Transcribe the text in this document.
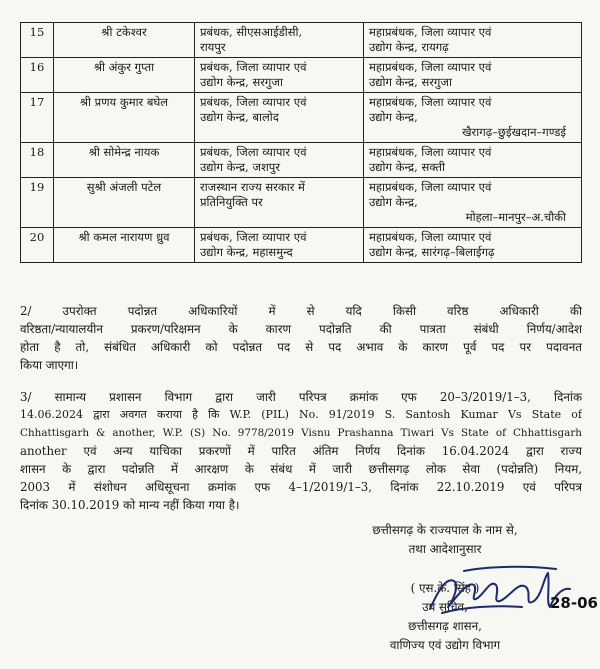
15	श्री टकेश्वर	प्रबंधक, सीएसआईडीसी,
रायपुर	महाप्रबंधक, जिला व्यापार एवं
उद्योग केन्द्र, रायगढ़

16	श्री अंकुर गुप्ता	प्रबंधक, जिला व्यापार एवं
उद्योग केन्द्र, सरगुजा	महाप्रबंधक, जिला व्यापार एवं
उद्योग केन्द्र, सरगुजा

17	श्री प्रणय कुमार बघेल	प्रबंधक, जिला व्यापार एवं
उद्योग केन्द्र, बालोद	महाप्रबंधक, जिला व्यापार एवं
उद्योग केन्द्र,
खैरागढ़–छुईखदान–गण्डई

18	श्री सोमेन्द्र नायक	प्रबंधक, जिला व्यापार एवं
उद्योग केन्द्र, जशपुर	महाप्रबंधक, जिला व्यापार एवं
उद्योग केन्द्र, सक्ती

19	सुश्री अंजली पटेल	राजस्थान राज्य सरकार में
प्रतिनियुक्ति पर	महाप्रबंधक, जिला व्यापार एवं
उद्योग केन्द्र,
मोहला–मानपुर–अ.चौकी

20	श्री कमल नारायण ध्रुव	प्रबंधक, जिला व्यापार एवं
उद्योग केन्द्र, महासमुन्द	महाप्रबंधक, जिला व्यापार एवं
उद्योग केन्द्र, सारंगढ़–बिलाईगढ़
2/ उपरोक्त पदोन्नत अधिकारियों में से यदि किसी वरिष्ठ अधिकारी की
वरिष्ठता/न्यायालयीन प्रकरण/परिक्षमन के कारण पदोन्नति की पात्रता संबंधी निर्णय/आदेश
होता है तो, संबंधित अधिकारी को पदोन्नत पद से पद अभाव के कारण पूर्व पद पर पदावनत
किया जाएगा।
3/ सामान्य प्रशासन विभाग द्वारा जारी परिपत्र क्रमांक एफ 20–3/2019/1–3, दिनांक
14.06.2024 द्वारा अवगत कराया है कि W.P. (PIL) No. 91/2019 S. Santosh Kumar Vs State of
Chhattisgarh & another, W.P. (S) No. 9778/2019 Visnu Prashanna Tiwari Vs State of Chhattisgarh
another एवं अन्य याचिका प्रकरणों में पारित अंतिम निर्णय दिनांक 16.04.2024 द्वारा राज्य
शासन के द्वारा पदोन्नति में आरक्षण के संबंध में जारी छत्तीसगढ़ लोक सेवा (पदोन्नति) नियम,
2003 में संशोधन अधिसूचना क्रमांक एफ 4–1/2019/1–3, दिनांक 22.10.2019 एवं परिपत्र
दिनांक 30.10.2019 को मान्य नहीं किया गया है।
छत्तीसगढ़ के राज्यपाल के नाम से,
तथा आदेशानुसार
( एस.के. सिंह )
उप सचिव,
छत्तीसगढ़ शासन,
वाणिज्य एवं उद्योग विभाग
28-06
